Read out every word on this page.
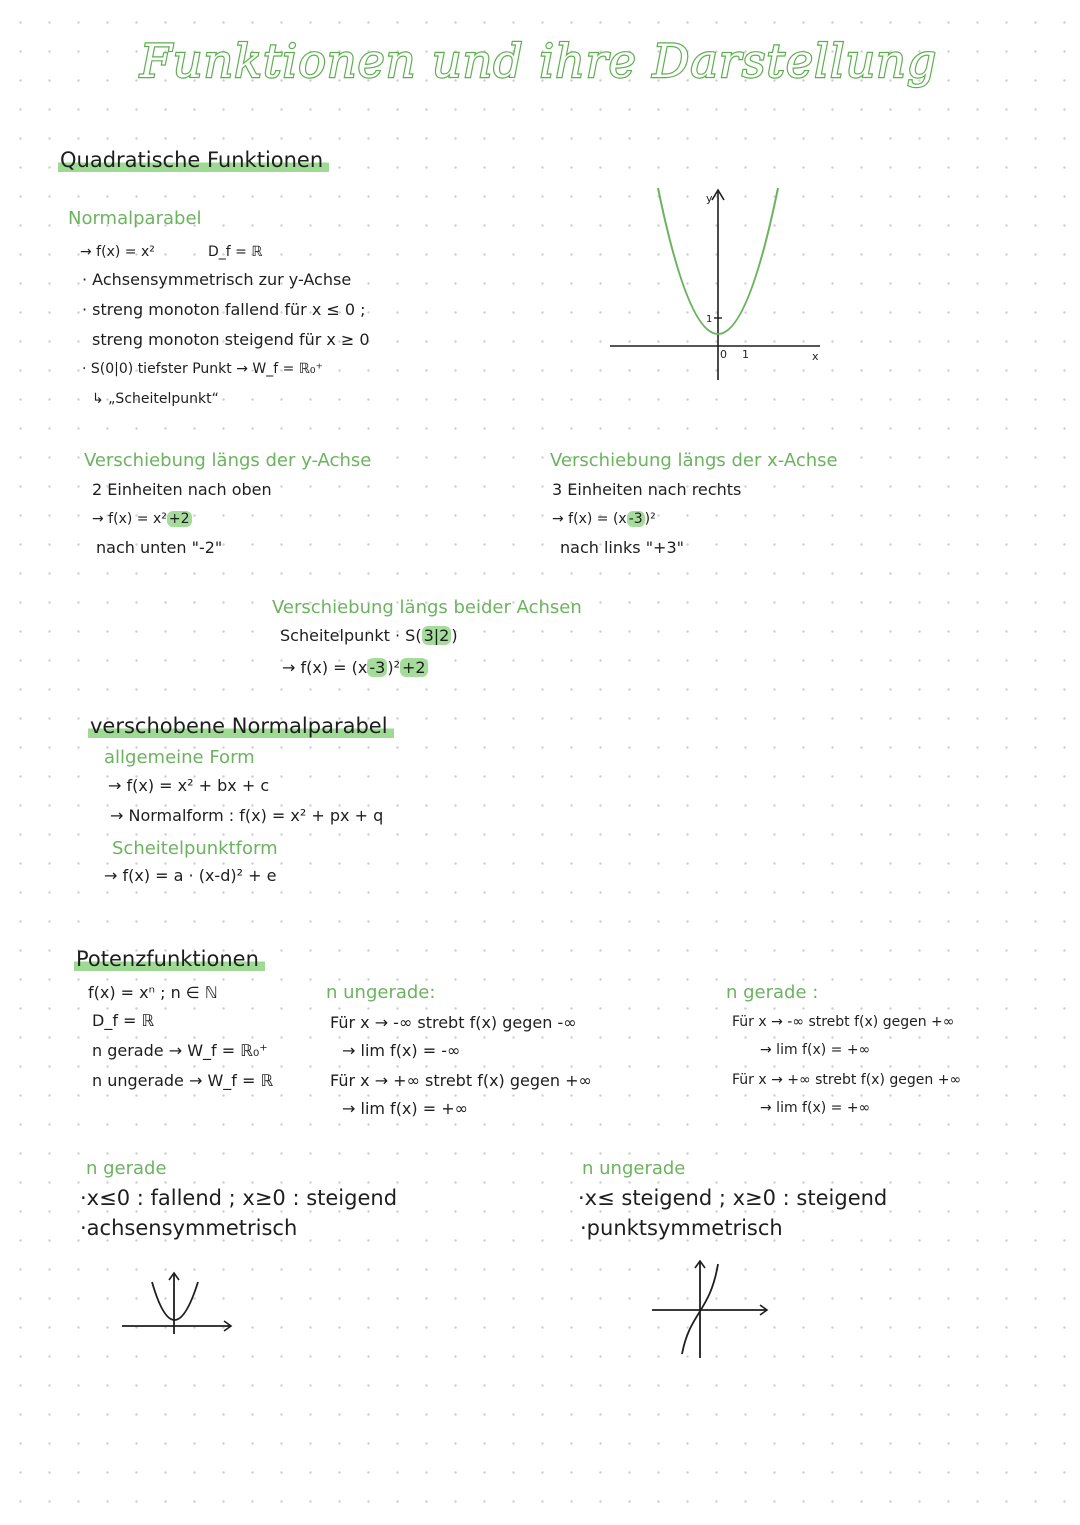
Funktionen und ihre Darstellung
Quadratische Funktionen
Normalparabel
→ f(x) = x²	D_f = ℝ
· Achsensymmetrisch zur y-Achse
· streng monoton fallend für x ≤ 0 ;
streng monoton steigend für x ≥ 0
· S(0|0) tiefster Punkt → W_f = ℝ₀⁺
↳ „Scheitelpunkt“
y
x
0 1
1
Verschiebung längs der y-Achse
2 Einheiten nach oben
→ f(x) = x² +2
nach unten "-2"
Verschiebung längs der x-Achse
3 Einheiten nach rechts
→ f(x) = (x -3 )²
nach links "+3"
Verschiebung längs beider Achsen
Scheitelpunkt · S( 3|2 )
→ f(x) = (x -3 )² +2
verschobene Normalparabel
allgemeine Form
→ f(x) = x² + bx + c
→ Normalform : f(x) = x² + px + q
Scheitelpunktform
→ f(x) = a · (x-d)² + e
Potenzfunktionen
f(x) = xⁿ ; n ∈ ℕ
D_f = ℝ
n gerade → W_f = ℝ₀⁺
n ungerade → W_f = ℝ
n ungerade:
Für x → -∞ strebt f(x) gegen -∞
→ lim f(x) = -∞
Für x → +∞ strebt f(x) gegen +∞
→ lim f(x) = +∞
n gerade :
Für x → -∞ strebt f(x) gegen +∞
→ lim f(x) = +∞
Für x → +∞ strebt f(x) gegen +∞
→ lim f(x) = +∞
n gerade
·x≤0 : fallend ; x≥0 : steigend
·achsensymmetrisch
n ungerade
·x≤ steigend ; x≥0 : steigend
·punktsymmetrisch
